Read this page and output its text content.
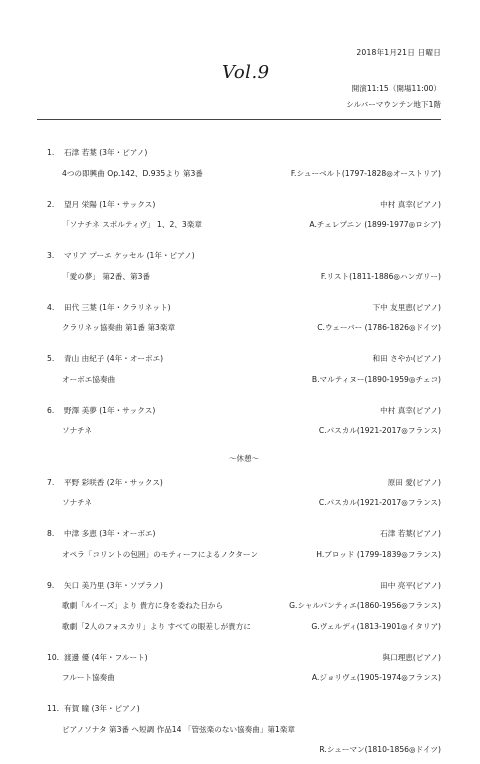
2018年1月21日 日曜日
Vol.9
開演11:15（開場11:00）
シルバーマウンテン地下1階
1. 石津 若葉 (3年・ピアノ)
4つの即興曲 Op.142、D.935より 第3番	F.シューベルト(1797-1828◎オーストリア)
2. 望月 栄陽 (1年・サックス)	中村 真幸(ピアノ)
「ソナチネ スポルティヴ」 1、2、3楽章	A.チェレプニン (1899-1977◎ロシア)
3. マリア プーエ ケッセル (1年・ピアノ)
「愛の夢」 第2番、第3番	F.リスト(1811-1886◎ハンガリー)
4. 田代 三葉 (1年・クラリネット)	下中 友里恵(ピアノ)
クラリネッ協奏曲 第1番 第3楽章	C.ウェーバー (1786-1826◎ドイツ)
5. 青山 由紀子 (4年・オーボエ)	和田 さやか(ピアノ)
オーボエ協奏曲	B.マルティヌー(1890-1959◎チェコ)
6. 野澤 美夢 (1年・サックス)	中村 真幸(ピアノ)
ソナチネ	C.パスカル(1921-2017◎フランス)
〜休憩〜
7. 平野 彩咲香 (2年・サックス)	原田 愛(ピアノ)
ソナチネ	C.パスカル(1921-2017◎フランス)
8. 中津 多恵 (3年・オーボエ)	石津 若葉(ピアノ)
オペラ「コリントの包囲」のモティーフによるノクターン	H.ブロッド (1799-1839◎フランス)
9. 矢口 美乃里 (3年・ソプラノ)	田中 亮平(ピアノ)
歌劇「ルイーズ」より 貴方に身を委ねた日から	G.シャルパンティエ(1860-1956◎フランス)
歌劇「2人のフォスカリ」より すべての眼差しが貴方に	G.ヴェルディ(1813-1901◎イタリア)
10. 渡邊 優 (4年・フルート)	與口理恵(ピアノ)
フルート協奏曲	A.ジョリヴェ(1905-1974◎フランス)
11. 有賀 瞳 (3年・ピアノ)
ピアノソナタ 第3番 へ短調 作品14 「管弦楽のない協奏曲」第1楽章
R.シューマン(1810-1856◎ドイツ)
